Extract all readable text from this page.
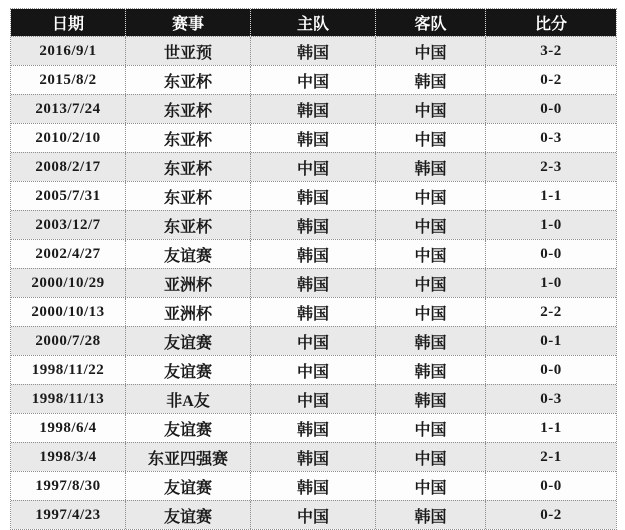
日期	赛事	主队	客队	比分
2016/9/1	世亚预	韩国	中国	3-2
2015/8/2	东亚杯	中国	韩国	0-2
2013/7/24	东亚杯	韩国	中国	0-0
2010/2/10	东亚杯	韩国	中国	0-3
2008/2/17	东亚杯	中国	韩国	2-3
2005/7/31	东亚杯	韩国	中国	1-1
2003/12/7	东亚杯	韩国	中国	1-0
2002/4/27	友谊赛	韩国	中国	0-0
2000/10/29	亚洲杯	韩国	中国	1-0
2000/10/13	亚洲杯	韩国	中国	2-2
2000/7/28	友谊赛	中国	韩国	0-1
1998/11/22	友谊赛	中国	韩国	0-0
1998/11/13	非A友	中国	韩国	0-3
1998/6/4	友谊赛	韩国	中国	1-1
1998/3/4	东亚四强赛	韩国	中国	2-1
1997/8/30	友谊赛	韩国	中国	0-0
1997/4/23	友谊赛	中国	韩国	0-2
